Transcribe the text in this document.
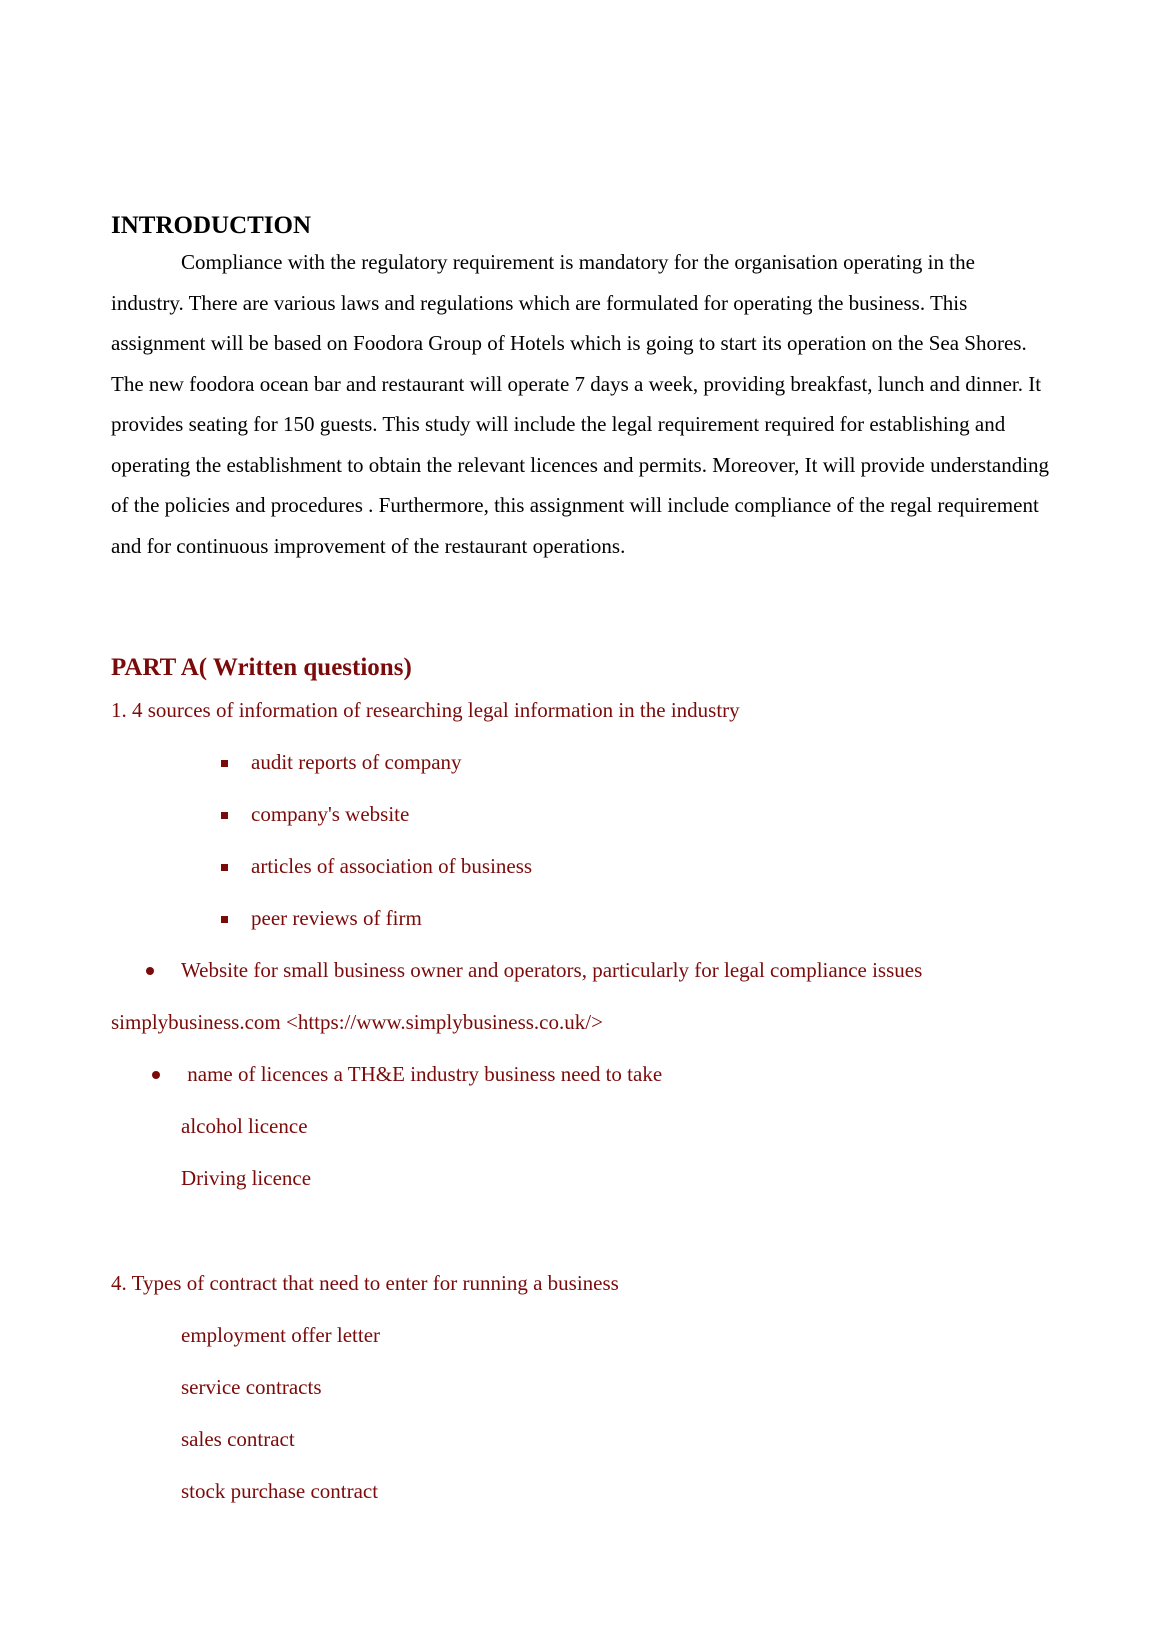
INTRODUCTION

Compliance with the regulatory requirement is mandatory for the organisation operating in the industry. There are various laws and regulations which are formulated for operating the business. This assignment will be based on Foodora Group of Hotels which is going to start its operation on the Sea Shores. The new foodora ocean bar and restaurant will operate 7 days a week, providing breakfast, lunch and dinner. It provides seating for 150 guests. This study will include the legal requirement required for establishing and operating the establishment to obtain the relevant licences and permits. Moreover, It will provide understanding of the policies and procedures . Furthermore, this assignment will include compliance of the regal requirement and for continuous improvement of the restaurant operations.

PART A( Written questions)

1. 4 sources of information of researching legal information in the industry

audit reports of company

company's website

articles of association of business

peer reviews of firm

Website for small business owner and operators, particularly for legal compliance issues

simplybusiness.com <https://www.simplybusiness.co.uk/>

name of licences a TH&E industry business need to take

alcohol licence

Driving licence

4. Types of contract that need to enter for running a business

employment offer letter

service contracts

sales contract

stock purchase contract
